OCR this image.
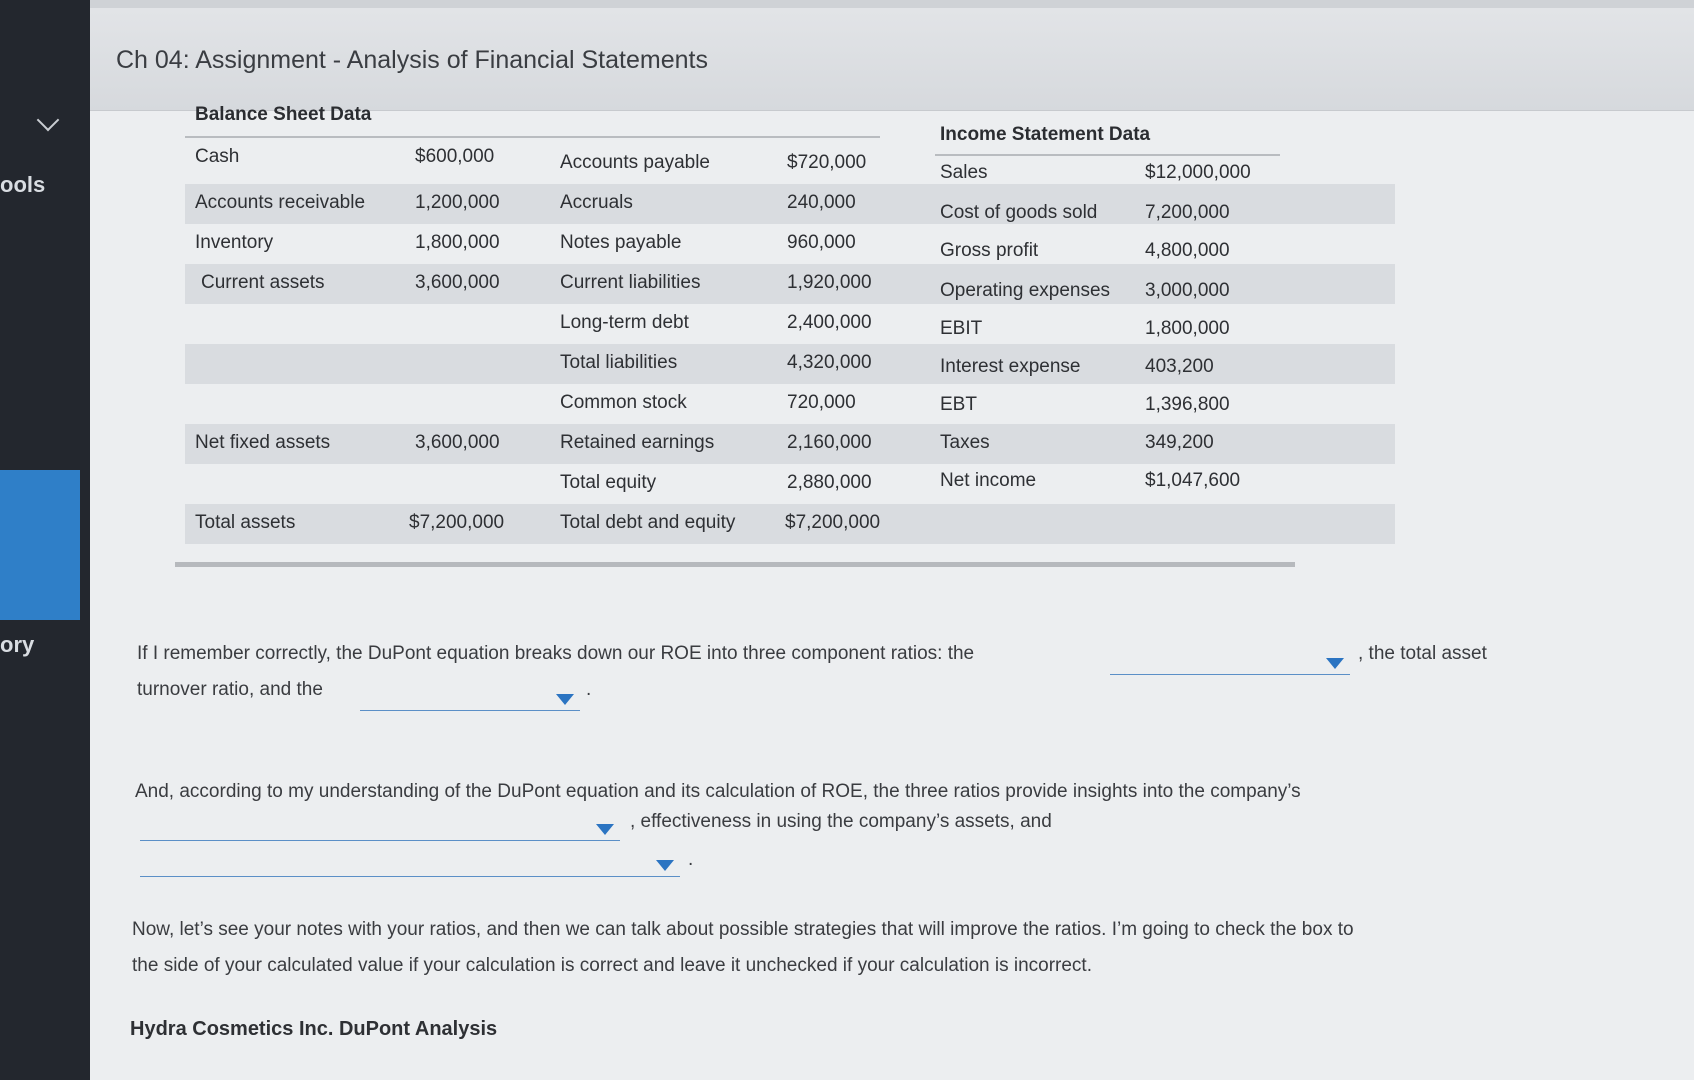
ools
ory
Ch 04: Assignment - Analysis of Financial Statements
Balance Sheet Data
Income Statement Data
Cash	$600,000
Accounts receivable	1,200,000
Inventory	1,800,000
Current assets	3,600,000
Net fixed assets	3,600,000
Total assets	$7,200,000
Accounts payable	$720,000
Accruals	240,000
Notes payable	960,000
Current liabilities	1,920,000
Long-term debt	2,400,000
Total liabilities	4,320,000
Common stock	720,000
Retained earnings	2,160,000
Total equity	2,880,000
Total debt and equity	$7,200,000
Sales	$12,000,000
Cost of goods sold	7,200,000
Gross profit	4,800,000
Operating expenses 3,000,000
EBIT	1,800,000
Interest expense	403,200
EBT	1,396,800
Taxes	349,200
Net income	$1,047,600
If I remember correctly, the DuPont equation breaks down our ROE into three component ratios: the	, the total asset
turnover ratio, and the	.
And, according to my understanding of the DuPont equation and its calculation of ROE, the three ratios provide insights into the company’s
, effectiveness in using the company’s assets, and
.
Now, let’s see your notes with your ratios, and then we can talk about possible strategies that will improve the ratios. I’m going to check the box to
the side of your calculated value if your calculation is correct and leave it unchecked if your calculation is incorrect.
Hydra Cosmetics Inc. DuPont Analysis
